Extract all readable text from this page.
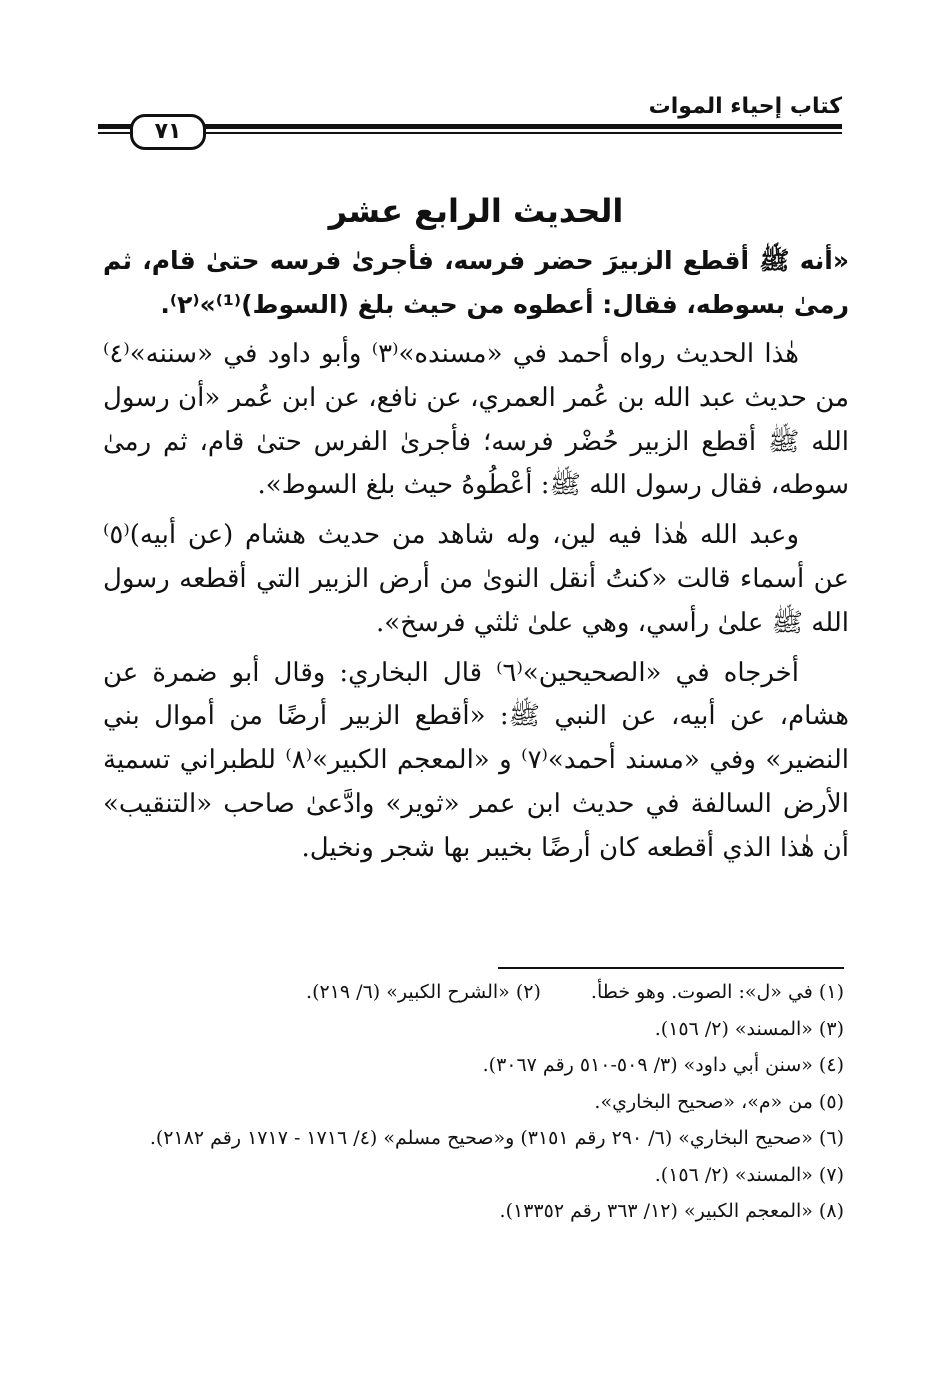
كتاب إحياء الموات
٧١
الحديث الرابع عشر

«أنه ﷺ أقطع الزبيرَ حضر فرسه، فأجرىٰ فرسه حتىٰ قام، ثم رمىٰ بسوطه، فقال: أعطوه من حيث بلغ (السوط)⁽¹⁾»⁽٢⁾.

هٰذا الحديث رواه أحمد في «مسنده»⁽٣⁾ وأبو داود في «سننه»⁽٤⁾ من حديث عبد الله بن عُمر العمري، عن نافع، عن ابن عُمر «أن رسول الله ﷺ أقطع الزبير حُضْر فرسه؛ فأجرىٰ الفرس حتىٰ قام، ثم رمىٰ سوطه، فقال رسول الله ﷺ: أعْطُوهُ حيث بلغ السوط».

وعبد الله هٰذا فيه لين، وله شاهد من حديث هشام (عن أبيه)⁽٥⁾ عن أسماء قالت «كنتُ أنقل النوىٰ من أرض الزبير التي أقطعه رسول الله ﷺ علىٰ رأسي، وهي علىٰ ثلثي فرسخ».

أخرجاه في «الصحيحين»⁽٦⁾ قال البخاري: وقال أبو ضمرة عن هشام، عن أبيه، عن النبي ﷺ: «أقطع الزبير أرضًا من أموال بني النضير» وفي «مسند أحمد»⁽٧⁾ و «المعجم الكبير»⁽٨⁾ للطبراني تسمية الأرض السالفة في حديث ابن عمر «ثوير» وادَّعىٰ صاحب «التنقيب» أن هٰذا الذي أقطعه كان أرضًا بخيبر بها شجر ونخيل.

(١) في «ل»: الصوت. وهو خطأ.
(٢) «الشرح الكبير» (٦/ ٢١٩).
(٣) «المسند» (٢/ ١٥٦).
(٤) «سنن أبي داود» (٣/ ٥٠٩-٥١٠ رقم ٣٠٦٧).
(٥) من «م»، «صحيح البخاري».
(٦) «صحيح البخاري» (٦/ ٢٩٠ رقم ٣١٥١) و«صحيح مسلم» (٤/ ١٧١٦ - ١٧١٧ رقم ٢١٨٢).
(٧) «المسند» (٢/ ١٥٦).
(٨) «المعجم الكبير» (١٢/ ٣٦٣ رقم ١٣٣٥٢).
